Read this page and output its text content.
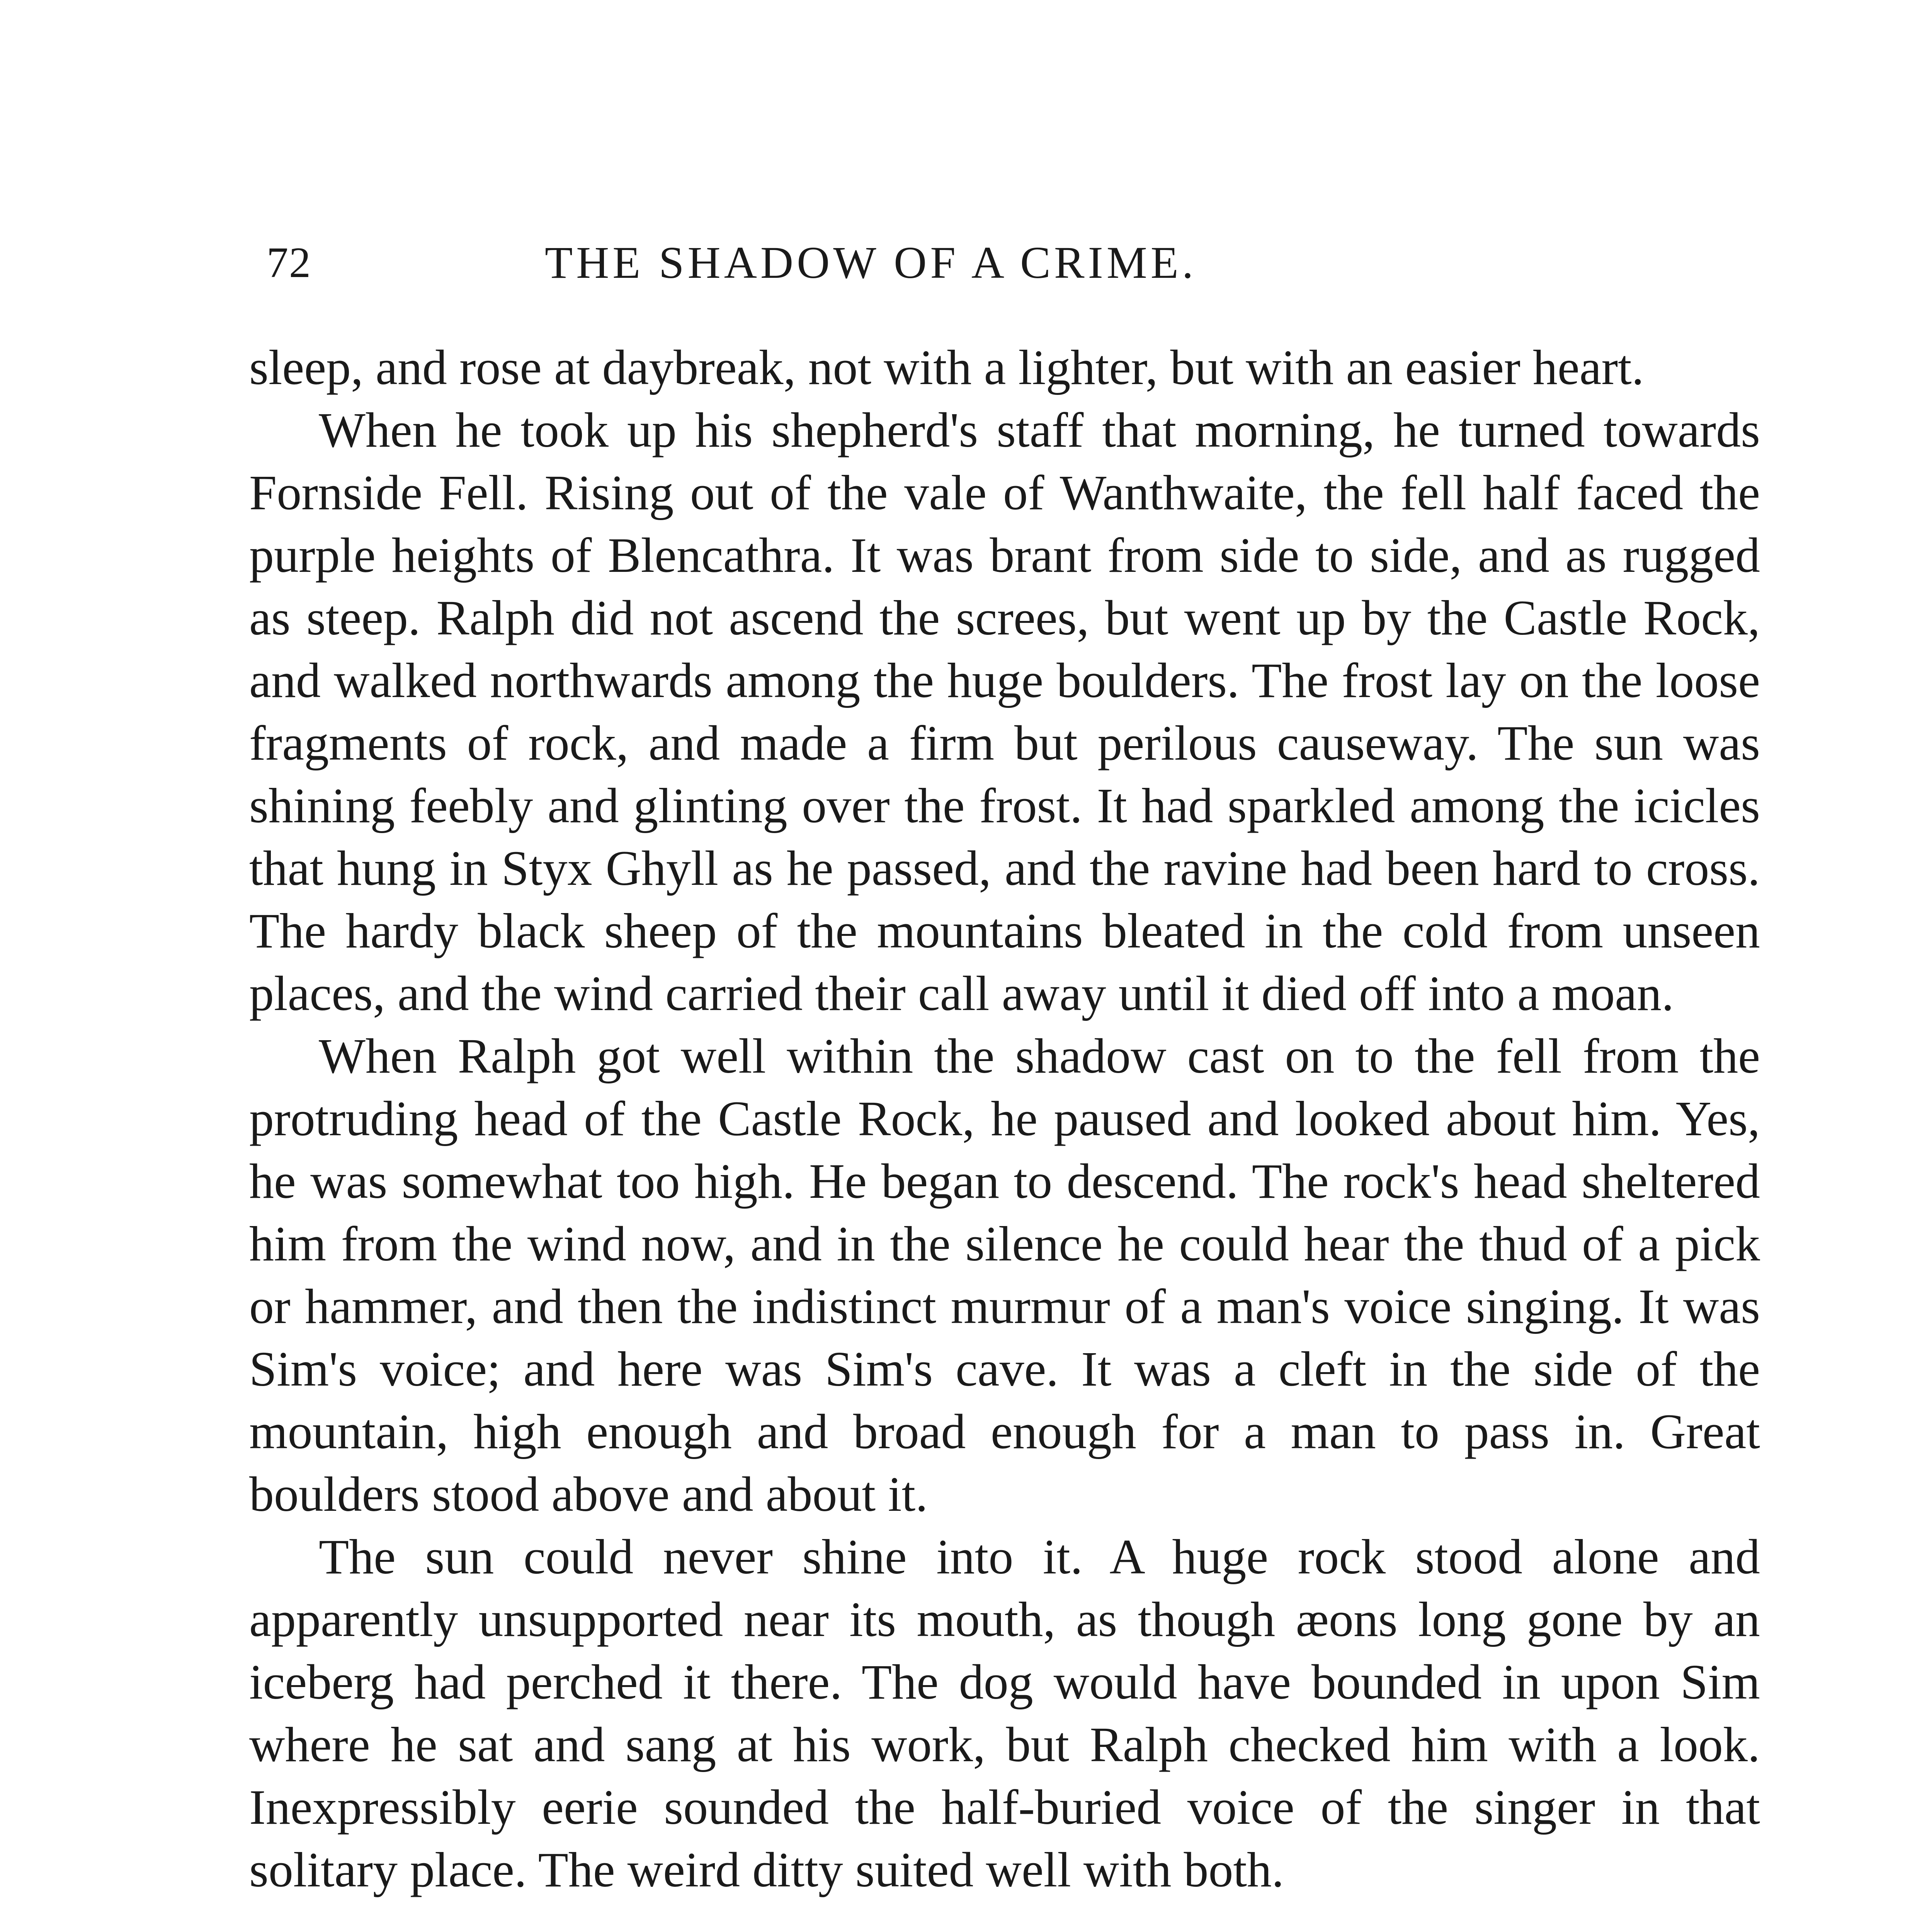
72	THE SHADOW OF A CRIME.

sleep, and rose at daybreak, not with a lighter, but with an easier heart.

When he took up his shepherd's staff that morning, he turned towards Fornside Fell. Rising out of the vale of Wanthwaite, the fell half faced the purple heights of Blencathra. It was brant from side to side, and as rugged as steep. Ralph did not ascend the screes, but went up by the Castle Rock, and walked northwards among the huge boulders. The frost lay on the loose fragments of rock, and made a firm but perilous causeway. The sun was shining feebly and glinting over the frost. It had sparkled among the icicles that hung in Styx Ghyll as he passed, and the ravine had been hard to cross. The hardy black sheep of the mountains bleated in the cold from unseen places, and the wind carried their call away until it died off into a moan.

When Ralph got well within the shadow cast on to the fell from the protruding head of the Castle Rock, he paused and looked about him. Yes, he was somewhat too high. He began to descend. The rock's head sheltered him from the wind now, and in the silence he could hear the thud of a pick or hammer, and then the indistinct murmur of a man's voice singing. It was Sim's voice; and here was Sim's cave. It was a cleft in the side of the mountain, high enough and broad enough for a man to pass in. Great boulders stood above and about it.

The sun could never shine into it. A huge rock stood alone and apparently unsupported near its mouth, as though æons long gone by an iceberg had perched it there. The dog would have bounded in upon Sim where he sat and sang at his work, but Ralph checked him with a look. Inexpressibly eerie sounded the half-buried voice of the singer in that solitary place. The weird ditty suited well with both.
